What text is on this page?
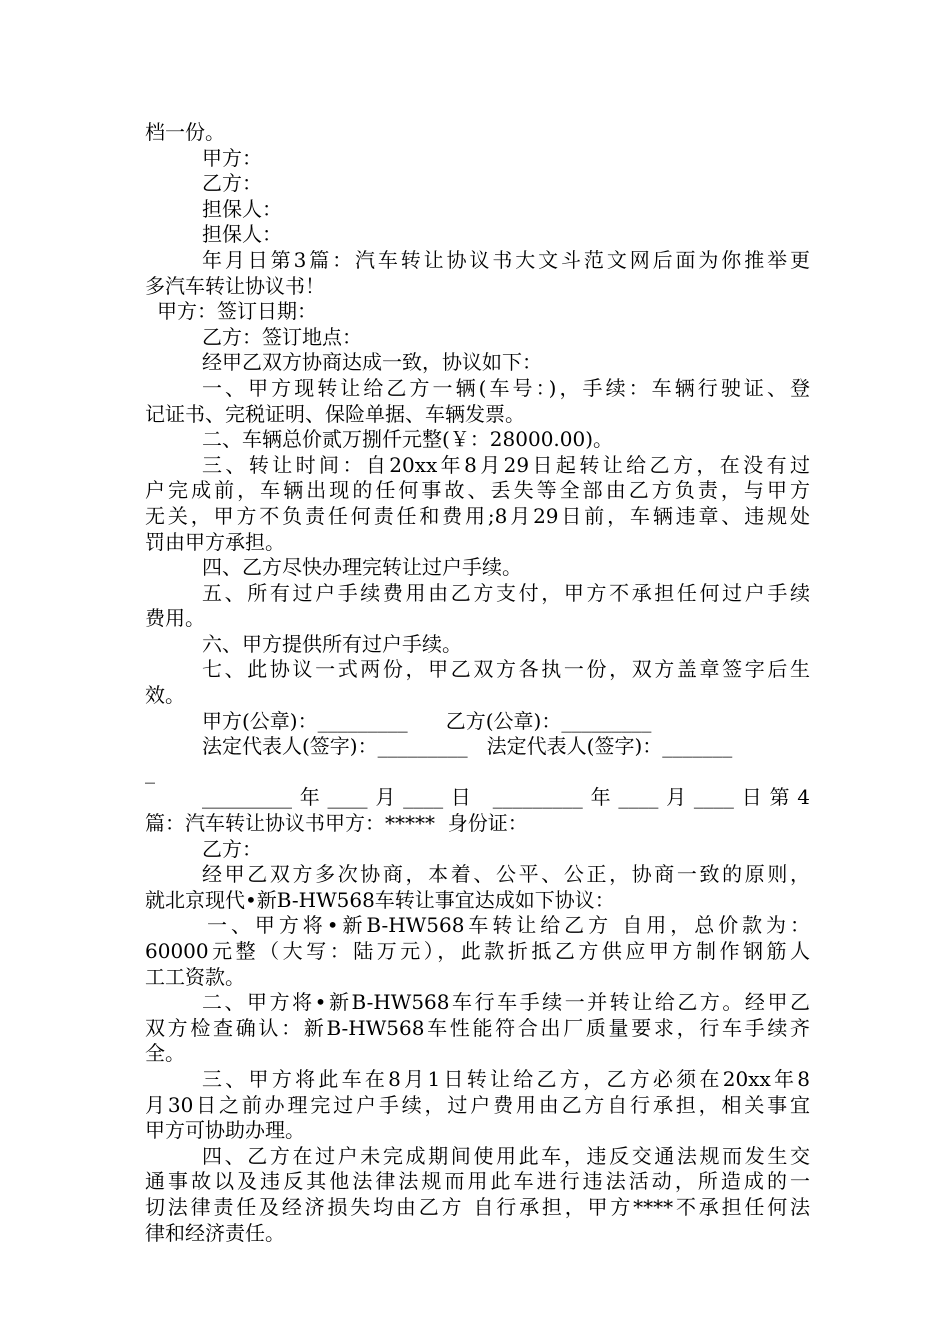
档一份。
甲方：
乙方：
担保人：
担保人：
年月日第3篇：汽车转让协议书大文斗范文网后面为你推举更
多汽车转让协议书！
甲方：签订日期：
乙方：签订地点：
经甲乙双方协商达成一致，协议如下：
一、甲方现转让给乙方一辆(车号：)，手续：车辆行驶证、登
记证书、完税证明、保险单据、车辆发票。
二、车辆总价贰万捌仟元整(￥：28000.00)。
三、转让时间：自20xx年8月29日起转让给乙方，在没有过
户完成前，车辆出现的任何事故、丢失等全部由乙方负责，与甲方
无关，甲方不负责任何责任和费用;8月29日前，车辆违章、违规处
罚由甲方承担。
四、乙方尽快办理完转让过户手续。
五、所有过户手续费用由乙方支付，甲方不承担任何过户手续
费用。
六、甲方提供所有过户手续。
七、此协议一式两份，甲乙双方各执一份，双方盖章签字后生
效。
甲方(公章)：_________      乙方(公章)：_________
法定代表人(签字)：_________   法定代表人(签字)：_______
_
_________年____月____日 _________年____月____日第4
篇：汽车转让协议书甲方：*****  身份证：
乙方：
经甲乙双方多次协商，本着、公平、公正，协商一致的原则，
就北京现代•新B-HW568车转让事宜达成如下协议：
一、甲方将•新B-HW568车转让给乙方 自用，总价款为：
60000元整（大写：陆万元），此款折抵乙方供应甲方制作钢筋人
工工资款。
二、甲方将•新B-HW568车行车手续一并转让给乙方。经甲乙
双方检查确认：新B-HW568车性能符合出厂质量要求，行车手续齐
全。
三、甲方将此车在8月1日转让给乙方，乙方必须在20xx年8
月30日之前办理完过户手续，过户费用由乙方自行承担，相关事宜
甲方可协助办理。
四、乙方在过户未完成期间使用此车，违反交通法规而发生交
通事故以及违反其他法律法规而用此车进行违法活动，所造成的一
切法律责任及经济损失均由乙方 自行承担，甲方****不承担任何法
律和经济责任。
